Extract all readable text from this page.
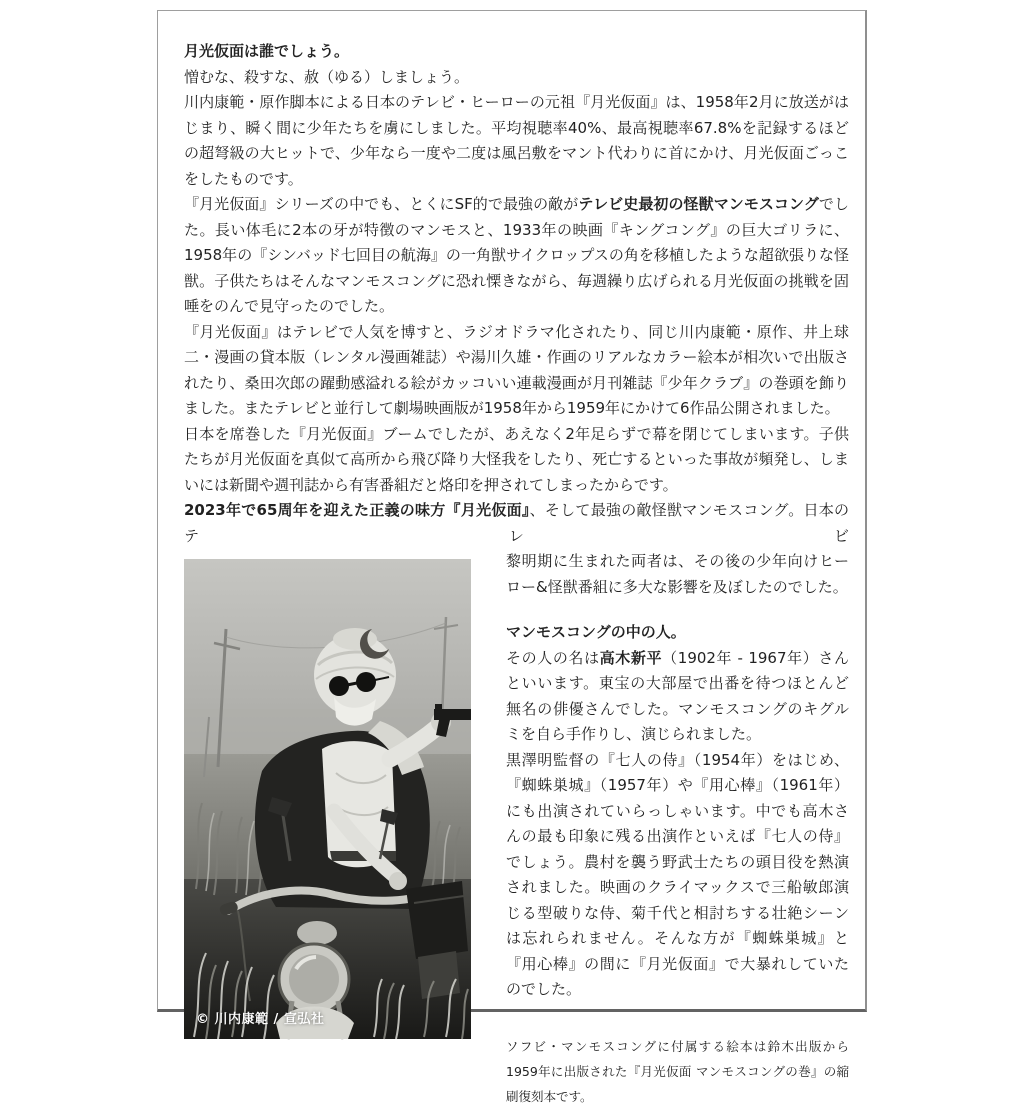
月光仮面は誰でしょう。

憎むな、殺すな、赦（ゆる）しましょう。

川内康範・原作脚本による日本のテレビ・ヒーローの元祖『月光仮面』は、1958年2月に放送がはじまり、瞬く間に少年たちを虜にしました。平均視聴率40%、最高視聴率67.8%を記録するほどの超弩級の大ヒットで、少年なら一度や二度は風呂敷をマント代わりに首にかけ、月光仮面ごっこをしたものです。

『月光仮面』シリーズの中でも、とくにSF的で最強の敵がテレビ史最初の怪獣マンモスコングでした。長い体毛に2本の牙が特徴のマンモスと、1933年の映画『キングコング』の巨大ゴリラに、1958年の『シンバッド七回目の航海』の一角獣サイクロップスの角を移植したような超欲張りな怪獣。子供たちはそんなマンモスコングに恐れ慄きながら、毎週繰り広げられる月光仮面の挑戦を固唾をのんで見守ったのでした。

『月光仮面』はテレビで人気を博すと、ラジオドラマ化されたり、同じ川内康範・原作、井上球二・漫画の貸本版（レンタル漫画雑誌）や湯川久雄・作画のリアルなカラー絵本が相次いで出版されたり、桑田次郎の躍動感溢れる絵がカッコいい連載漫画が月刊雑誌『少年クラブ』の巻頭を飾りました。またテレビと並行して劇場映画版が1958年から1959年にかけて6作品公開されました。

日本を席巻した『月光仮面』ブームでしたが、あえなく2年足らずで幕を閉じてしまいます。子供たちが月光仮面を真似て高所から飛び降り大怪我をしたり、死亡するといった事故が頻発し、しまいには新聞や週刊誌から有害番組だと烙印を押されてしまったからです。

2023年で65周年を迎えた正義の味方『月光仮面』、そして最強の敵怪獣マンモスコング。日本のテレビ

© 川内康範 / 宣弘社

黎明期に生まれた両者は、その後の少年向けヒーロー&怪獣番組に多大な影響を及ぼしたのでした。

マンモスコングの中の人。

その人の名は高木新平（1902年 - 1967年）さんといいます。東宝の大部屋で出番を待つほとんど無名の俳優さんでした。マンモスコングのキグルミを自ら手作りし、演じられました。

黒澤明監督の『七人の侍』（1954年）をはじめ、『蜘蛛巣城』（1957年）や『用心棒』（1961年）にも出演されていらっしゃいます。中でも高木さんの最も印象に残る出演作といえば『七人の侍』でしょう。農村を襲う野武士たちの頭目役を熱演されました。映画のクライマックスで三船敏郎演じる型破りな侍、菊千代と相討ちする壮絶シーンは忘れられません。そんな方が『蜘蛛巣城』と『用心棒』の間に『月光仮面』で大暴れしていたのでした。

ソフビ・マンモスコングに付属する絵本は鈴木出版から1959年に出版された『月光仮面 マンモスコングの巻』の縮刷復刻本です。
